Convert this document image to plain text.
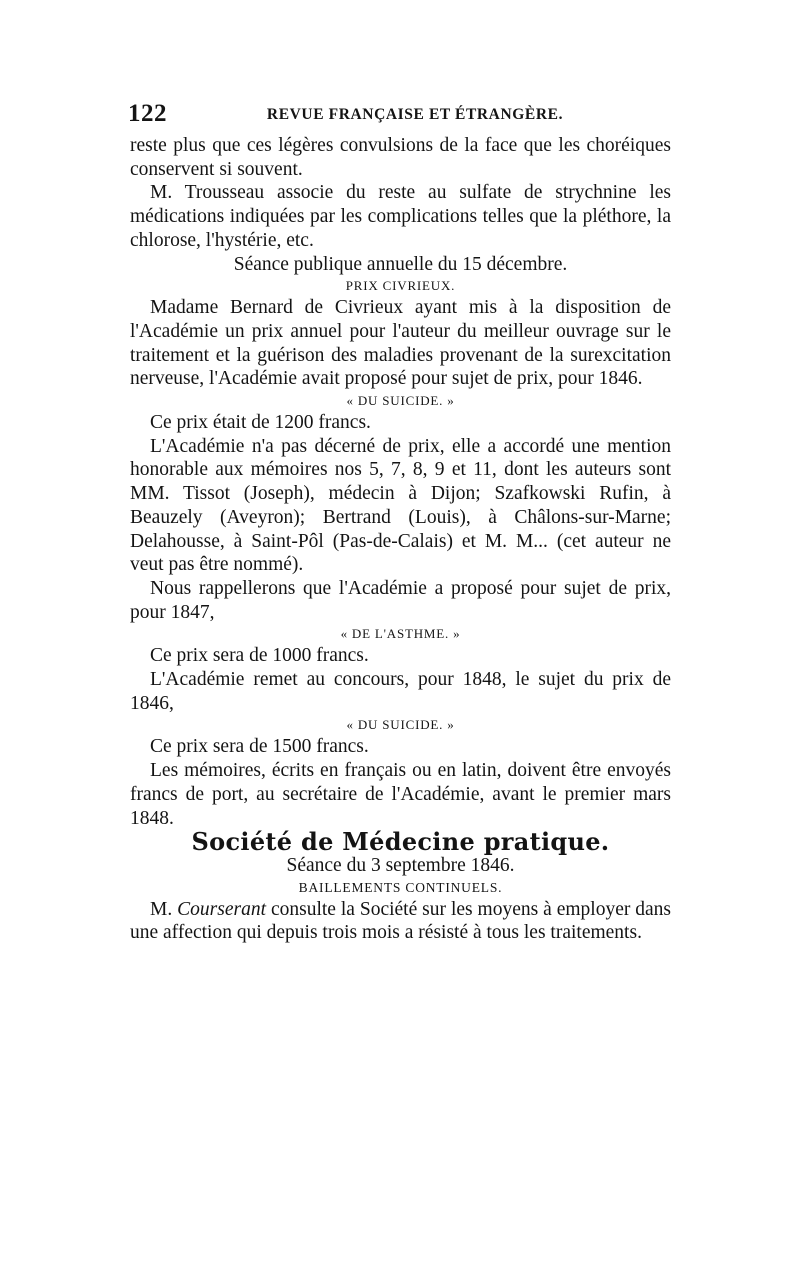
122	REVUE FRANÇAISE ET ÉTRANGÈRE.

reste plus que ces légères convulsions de la face que les choréiques conservent si souvent.

M. Trousseau associe du reste au sulfate de strychnine les médications indiquées par les complications telles que la pléthore, la chlorose, l'hystérie, etc.

Séance publique annuelle du 15 décembre.

PRIX CIVRIEUX.

Madame Bernard de Civrieux ayant mis à la disposition de l'Académie un prix annuel pour l'auteur du meilleur ouvrage sur le traitement et la guérison des maladies provenant de la surexcitation nerveuse, l'Académie avait proposé pour sujet de prix, pour 1846.

« DU SUICIDE. »

Ce prix était de 1200 francs.

L'Académie n'a pas décerné de prix, elle a accordé une mention honorable aux mémoires nos 5, 7, 8, 9 et 11, dont les auteurs sont MM. Tissot (Joseph), médecin à Dijon; Szafkowski Rufin, à Beauzely (Aveyron); Bertrand (Louis), à Châlons-sur-Marne; Delahousse, à Saint-Pôl (Pas-de-Calais) et M. M... (cet auteur ne veut pas être nommé).

Nous rappellerons que l'Académie a proposé pour sujet de prix, pour 1847,

« DE L'ASTHME. »

Ce prix sera de 1000 francs.

L'Académie remet au concours, pour 1848, le sujet du prix de 1846,

« DU SUICIDE. »

Ce prix sera de 1500 francs.

Les mémoires, écrits en français ou en latin, doivent être envoyés francs de port, au secrétaire de l'Académie, avant le premier mars 1848.

Société de Médecine pratique.

Séance du 3 septembre 1846.

BAILLEMENTS CONTINUELS.

M. Courserant consulte la Société sur les moyens à employer dans une affection qui depuis trois mois a résisté à tous les traitements.
